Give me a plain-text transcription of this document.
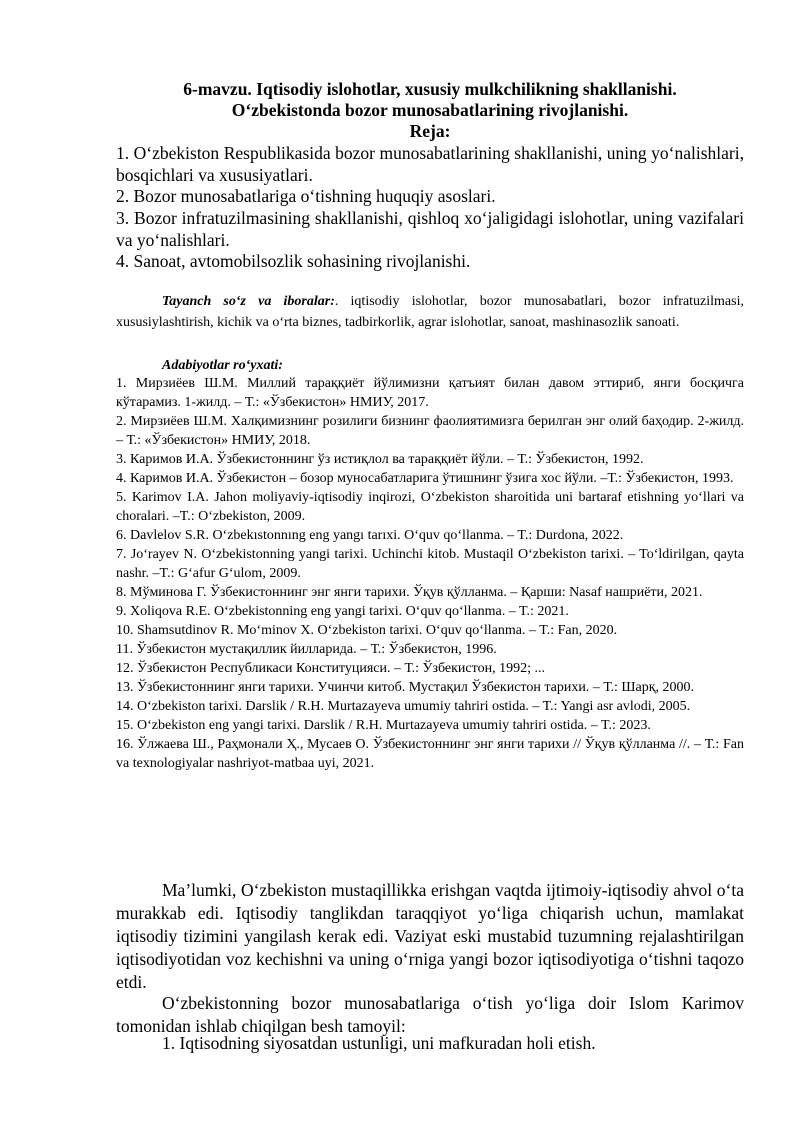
6-mavzu. Iqtisodiy islohotlar, xususiy mulkchilikning shakllanishi.
O‘zbekistonda bozor munosabatlarining rivojlanishi.
Reja:
1. O‘zbekiston Respublikasida bozor munosabatlarining shakllanishi, uning yo‘nalishlari, bosqichlari va xususiyatlari.
2. Bozor munosabatlariga o‘tishning huquqiy asoslari.
3. Bozor infratuzilmasining shakllanishi, qishloq xo‘jaligidagi islohotlar, uning vazifalari va yo‘nalishlari.
4. Sanoat, avtomobilsozlik sohasining rivojlanishi.
Tayanch so‘z va iboralar:. iqtisodiy islohotlar, bozor munosabatlari, bozor infratuzilmasi, xususiylashtirish, kichik va o‘rta biznes, tadbirkorlik, agrar islohotlar, sanoat, mashinasozlik sanoati.
Adabiyotlar ro‘yxati:
1. Мирзиёев Ш.М. Миллий тараққиёт йўлимизни қатъият билан давом эттириб, янги босқичга кўтарамиз. 1-жилд. – Т.: «Ўзбекистон» НМИУ, 2017.
2. Мирзиёев Ш.М. Халқимизнинг розилиги бизнинг фаолиятимизга берилган энг олий баҳодир. 2-жилд. – Т.: «Ўзбекистон» НМИУ, 2018.
3. Каримов И.А. Ўзбекистоннинг ўз истиқлол ва тараққиёт йўли. – Т.: Ўзбекистон, 1992.
4. Каримов И.А. Ўзбекистон – бозор муносабатларига ўтишнинг ўзига хос йўли. –Т.: Ўзбекистон, 1993.
5. Karimov I.A. Jahon moliyaviy-iqtisodiy inqirozi, O‘zbekiston sharoitida uni bartaraf etishning yo‘llari va choralari. –T.: O‘zbekiston, 2009.
6. Davlelov S.R. O‘zbekıstonnıng eng yangı tarıxi. O‘quv qo‘llanma. – T.: Durdona, 2022.
7. Jo‘rayev N. O‘zbekistonning yangi tarixi. Uchinchi kitob. Mustaqil O‘zbekiston tarixi. – To‘ldirilgan, qayta nashr. –T.: G‘afur G‘ulom, 2009.
8. Мўминова Г. Ўзбекистоннинг энг янги тарихи. Ўқув қўлланма. – Қарши: Nasaf нашриёти, 2021.
9. Xoliqova R.E. O‘zbekistonning eng yangi tarixi. O‘quv qo‘llanma. – T.: 2021.
10. Shamsutdinov R. Mo‘minov X. O‘zbekiston tarixi. O‘quv qo‘llanma. – T.: Fan, 2020.
11. Ўзбекистон мустақиллик йилларида. – Т.: Ўзбекистон, 1996.
12. Ўзбекистон Республикаси Конституцияси. – Т.: Ўзбекистон, 1992; ...
13. Ўзбекистоннинг янги тарихи. Учинчи китоб. Мустақил Ўзбекистон тарихи. – Т.: Шарқ, 2000.
14. O‘zbekiston tarixi. Darslik / R.H. Murtazayeva umumiy tahriri ostida. – T.: Yangi asr avlodi, 2005.
15. O‘zbekiston eng yangi tarixi. Darslik / R.H. Murtazayeva umumiy tahriri ostida. – T.: 2023.
16. Ўлжаева Ш., Раҳмонали Ҳ., Мусаев О. Ўзбекистоннинг энг янги тарихи // Ўқув қўлланма //. – Т.: Fan va texnologiyalar nashriyot-matbaa uyi, 2021.
Ma’lumki, O‘zbekiston mustaqillikka erishgan vaqtda ijtimoiy-iqtisodiy ahvol o‘ta murakkab edi. Iqtisodiy tanglikdan taraqqiyot yo‘liga chiqarish uchun, mamlakat iqtisodiy tizimini yangilash kerak edi. Vaziyat eski mustabid tuzumning rejalashtirilgan iqtisodiyotidan voz kechishni va uning o‘rniga yangi bozor iqtisodiyotiga o‘tishni taqozo etdi.
O‘zbekistonning bozor munosabatlariga o‘tish yo‘liga doir Islom Karimov tomonidan ishlab chiqilgan besh tamoyil:
1. Iqtisodning siyosatdan ustunligi, uni mafkuradan holi etish.
